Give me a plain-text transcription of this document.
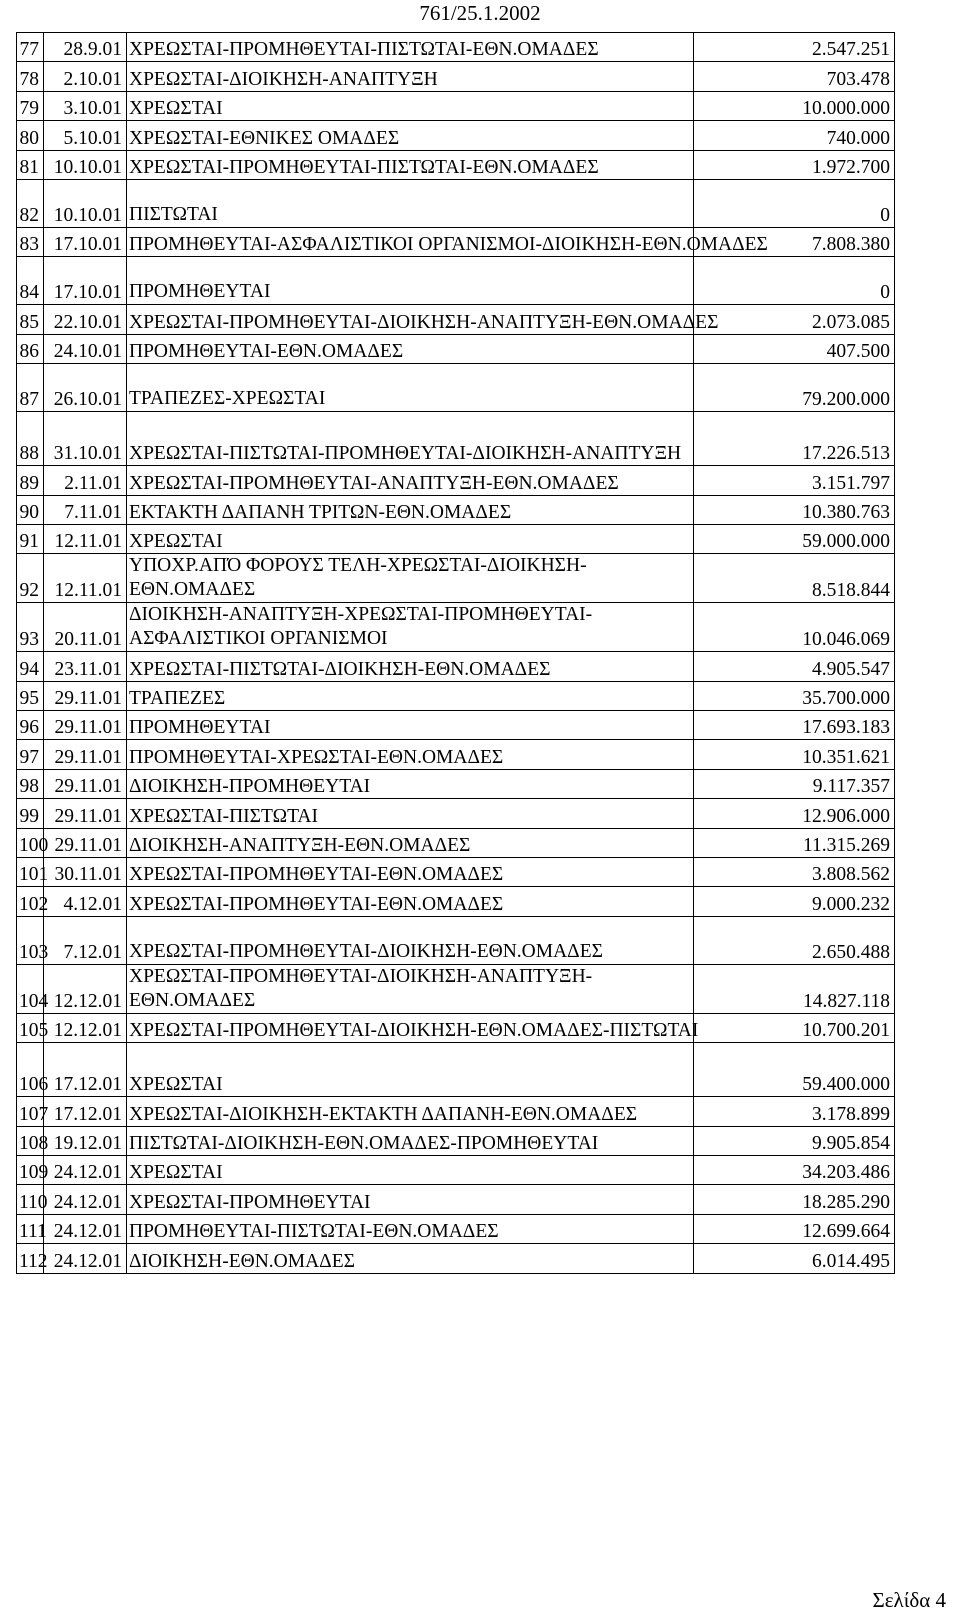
761/25.1.2002
77	28.9.01	ΧΡΕΩΣΤΑΙ-ΠΡΟΜΗΘΕΥΤΑΙ-ΠΙΣΤΩΤΑΙ-ΕΘΝ.ΟΜΑΔΕΣ	2.547.251
78	2.10.01	ΧΡΕΩΣΤΑΙ-ΔΙΟΙΚΗΣΗ-ΑΝΑΠΤΥΞΗ	703.478
79	3.10.01	ΧΡΕΩΣΤΑΙ	10.000.000
80	5.10.01	ΧΡΕΩΣΤΑΙ-ΕΘΝΙΚΕΣ ΟΜΑΔΕΣ	740.000
81	10.10.01	ΧΡΕΩΣΤΑΙ-ΠΡΟΜΗΘΕΥΤΑΙ-ΠΙΣΤΩΤΑΙ-ΕΘΝ.ΟΜΑΔΕΣ	1.972.700
82	10.10.01	ΠΙΣΤΩΤΑΙ	0
83	17.10.01	ΠΡΟΜΗΘΕΥΤΑΙ-ΑΣΦΑΛΙΣΤΙΚΟΙ ΟΡΓΑΝΙΣΜΟΙ-ΔΙΟΙΚΗΣΗ-ΕΘΝ.ΟΜΑΔΕΣ	7.808.380
84	17.10.01	ΠΡΟΜΗΘΕΥΤΑΙ	0
85	22.10.01	ΧΡΕΩΣΤΑΙ-ΠΡΟΜΗΘΕΥΤΑΙ-ΔΙΟΙΚΗΣΗ-ΑΝΑΠΤΥΞΗ-ΕΘΝ.ΟΜΑΔΕΣ	2.073.085
86	24.10.01	ΠΡΟΜΗΘΕΥΤΑΙ-ΕΘΝ.ΟΜΑΔΕΣ	407.500
87	26.10.01	ΤΡΑΠΕΖΕΣ-ΧΡΕΩΣΤΑΙ	79.200.000
88	31.10.01	ΧΡΕΩΣΤΑΙ-ΠΙΣΤΩΤΑΙ-ΠΡΟΜΗΘΕΥΤΑΙ-ΔΙΟΙΚΗΣΗ-ΑΝΑΠΤΥΞΗ	17.226.513
89	2.11.01	ΧΡΕΩΣΤΑΙ-ΠΡΟΜΗΘΕΥΤΑΙ-ΑΝΑΠΤΥΞΗ-ΕΘΝ.ΟΜΑΔΕΣ	3.151.797
90	7.11.01	ΕΚΤΑΚΤΗ ΔΑΠΑΝΗ ΤΡΙΤΩΝ-ΕΘΝ.ΟΜΑΔΕΣ	10.380.763
91	12.11.01	ΧΡΕΩΣΤΑΙ	59.000.000
92	12.11.01	ΥΠΟΧΡ.ΑΠΌ ΦΟΡΟΥΣ ΤΕΛΗ-ΧΡΕΩΣΤΑΙ-ΔΙΟΙΚΗΣΗ-ΕΘΝ.ΟΜΑΔΕΣ	8.518.844
93	20.11.01	ΔΙΟΙΚΗΣΗ-ΑΝΑΠΤΥΞΗ-ΧΡΕΩΣΤΑΙ-ΠΡΟΜΗΘΕΥΤΑΙ-ΑΣΦΑΛΙΣΤΙΚΟΙ ΟΡΓΑΝΙΣΜΟΙ	10.046.069
94	23.11.01	ΧΡΕΩΣΤΑΙ-ΠΙΣΤΩΤΑΙ-ΔΙΟΙΚΗΣΗ-ΕΘΝ.ΟΜΑΔΕΣ	4.905.547
95	29.11.01	ΤΡΑΠΕΖΕΣ	35.700.000
96	29.11.01	ΠΡΟΜΗΘΕΥΤΑΙ	17.693.183
97	29.11.01	ΠΡΟΜΗΘΕΥΤΑΙ-ΧΡΕΩΣΤΑΙ-ΕΘΝ.ΟΜΑΔΕΣ	10.351.621
98	29.11.01	ΔΙΟΙΚΗΣΗ-ΠΡΟΜΗΘΕΥΤΑΙ	9.117.357
99	29.11.01	ΧΡΕΩΣΤΑΙ-ΠΙΣΤΩΤΑΙ	12.906.000
100	29.11.01	ΔΙΟΙΚΗΣΗ-ΑΝΑΠΤΥΞΗ-ΕΘΝ.ΟΜΑΔΕΣ	11.315.269
101	30.11.01	ΧΡΕΩΣΤΑΙ-ΠΡΟΜΗΘΕΥΤΑΙ-ΕΘΝ.ΟΜΑΔΕΣ	3.808.562
102	4.12.01	ΧΡΕΩΣΤΑΙ-ΠΡΟΜΗΘΕΥΤΑΙ-ΕΘΝ.ΟΜΑΔΕΣ	9.000.232
103	7.12.01	ΧΡΕΩΣΤΑΙ-ΠΡΟΜΗΘΕΥΤΑΙ-ΔΙΟΙΚΗΣΗ-ΕΘΝ.ΟΜΑΔΕΣ	2.650.488
104	12.12.01	ΧΡΕΩΣΤΑΙ-ΠΡΟΜΗΘΕΥΤΑΙ-ΔΙΟΙΚΗΣΗ-ΑΝΑΠΤΥΞΗ-ΕΘΝ.ΟΜΑΔΕΣ	14.827.118
105	12.12.01	ΧΡΕΩΣΤΑΙ-ΠΡΟΜΗΘΕΥΤΑΙ-ΔΙΟΙΚΗΣΗ-ΕΘΝ.ΟΜΑΔΕΣ-ΠΙΣΤΩΤΑΙ	10.700.201
106	17.12.01	ΧΡΕΩΣΤΑΙ	59.400.000
107	17.12.01	ΧΡΕΩΣΤΑΙ-ΔΙΟΙΚΗΣΗ-ΕΚΤΑΚΤΗ ΔΑΠΑΝΗ-ΕΘΝ.ΟΜΑΔΕΣ	3.178.899
108	19.12.01	ΠΙΣΤΩΤΑΙ-ΔΙΟΙΚΗΣΗ-ΕΘΝ.ΟΜΑΔΕΣ-ΠΡΟΜΗΘΕΥΤΑΙ	9.905.854
109	24.12.01	ΧΡΕΩΣΤΑΙ	34.203.486
110	24.12.01	ΧΡΕΩΣΤΑΙ-ΠΡΟΜΗΘΕΥΤΑΙ	18.285.290
111	24.12.01	ΠΡΟΜΗΘΕΥΤΑΙ-ΠΙΣΤΩΤΑΙ-ΕΘΝ.ΟΜΑΔΕΣ	12.699.664
112	24.12.01	ΔΙΟΙΚΗΣΗ-ΕΘΝ.ΟΜΑΔΕΣ	6.014.495
Σελίδα 4
